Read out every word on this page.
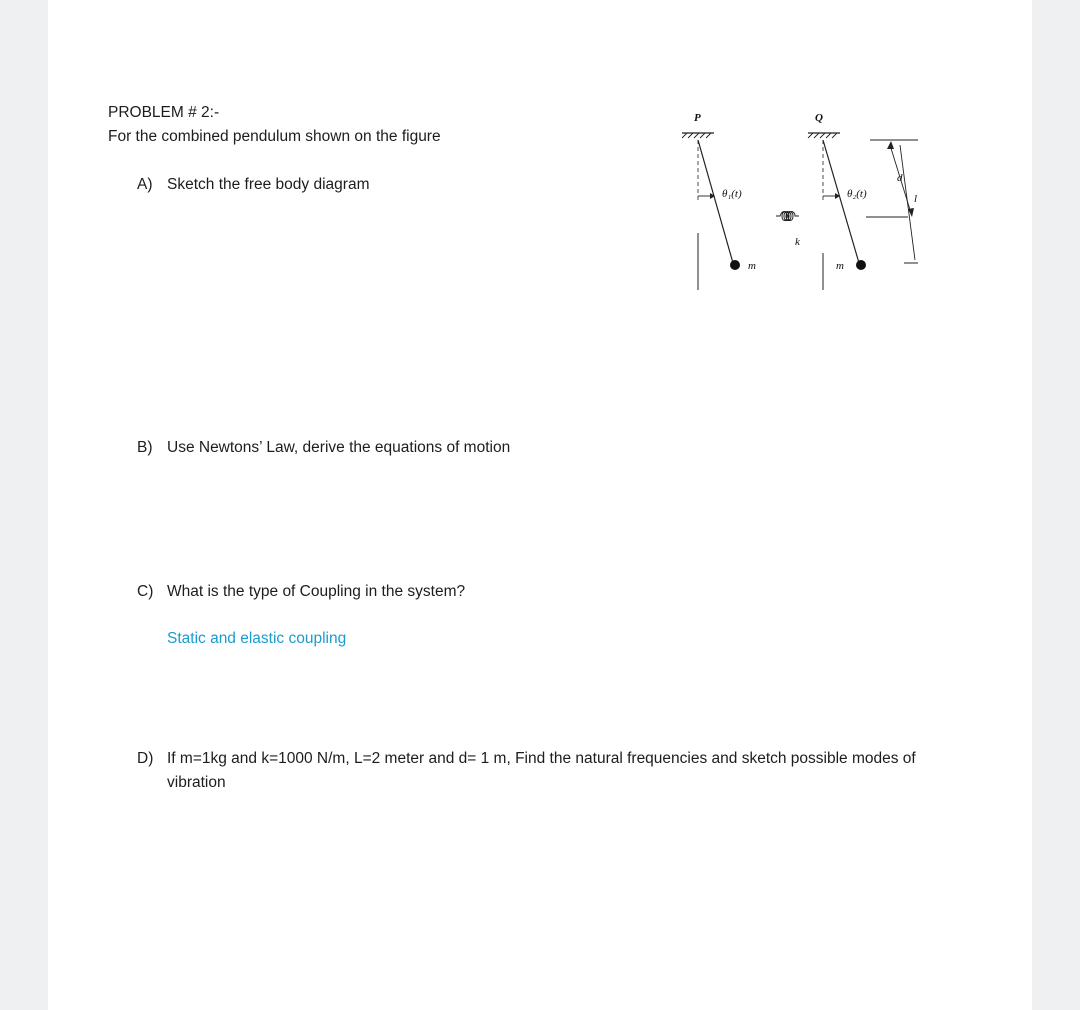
PROBLEM # 2:-
For the combined pendulum shown on the figure
A) Sketch the free body diagram
B) Use Newtons’ Law, derive the equations of motion
C) What is the type of Coupling in the system?
Static and elastic coupling
D) If m=1kg and k=1000 N/m, L=2 meter and d= 1 m, Find the natural frequencies and sketch possible modes of
vibration
P	Q
m
θ₁(t)
m
θ₂(t)
k
d
l
